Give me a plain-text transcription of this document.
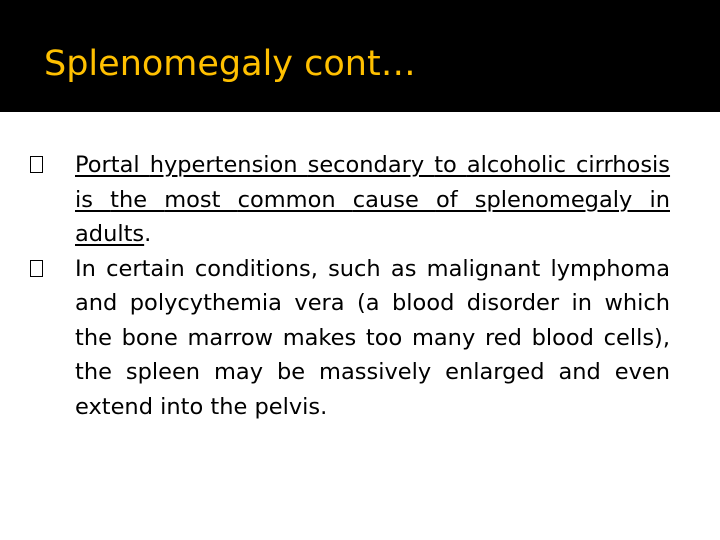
Splenomegaly cont…

Portal hypertension secondary to alcoholic cirrhosis is the most common cause of splenomegaly in adults.

In certain conditions, such as malignant lymphoma and polycythemia vera (a blood disorder in which the bone marrow makes too many red blood cells), the spleen may be massively enlarged and even extend into the pelvis.
